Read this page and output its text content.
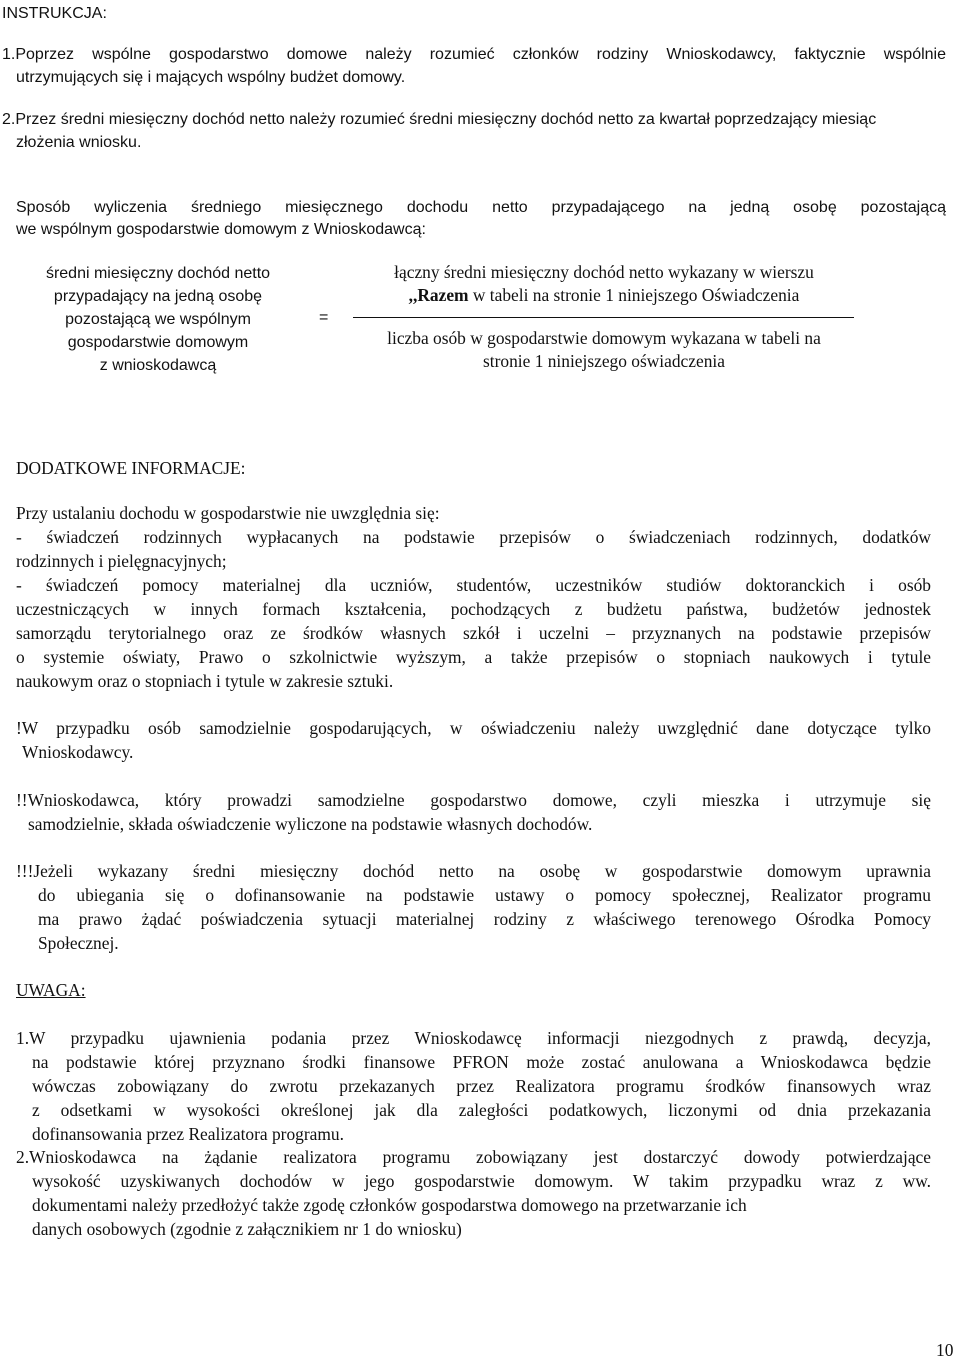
INSTRUKCJA:
1.Poprzez wspólne gospodarstwo domowe należy rozumieć członków rodziny Wnioskodawcy, faktycznie wspólnie
utrzymujących się i mających wspólny budżet domowy.
2.Przez średni miesięczny dochód netto należy rozumieć średni miesięczny dochód netto za kwartał poprzedzający miesiąc
złożenia wniosku.
Sposób wyliczenia średniego miesięcznego dochodu netto przypadającego na jedną osobę pozostającą
we wspólnym gospodarstwie domowym z Wnioskodawcą:
średni miesięczny dochód netto
przypadający na jedną osobę
pozostającą we wspólnym
gospodarstwie domowym
z wnioskodawcą
=
łączny średni miesięczny dochód netto wykazany w wierszu
,,Razem w tabeli na stronie 1 niniejszego Oświadczenia
liczba osób w gospodarstwie domowym wykazana w tabeli na
stronie 1 niniejszego oświadczenia
DODATKOWE INFORMACJE:
Przy ustalaniu dochodu w gospodarstwie nie uwzględnia się:
- świadczeń rodzinnych wypłacanych na podstawie przepisów o świadczeniach rodzinnych, dodatków
rodzinnych i pielęgnacyjnych;
- świadczeń pomocy materialnej dla uczniów, studentów, uczestników studiów doktoranckich i osób
uczestniczących w innych formach kształcenia, pochodzących z budżetu państwa, budżetów jednostek
samorządu terytorialnego oraz ze środków własnych szkół i uczelni – przyznanych na podstawie przepisów
o systemie oświaty, Prawo o szkolnictwie wyższym, a także przepisów o stopniach naukowych i tytule
naukowym oraz o stopniach i tytule w zakresie sztuki.
!W przypadku osób samodzielnie gospodarujących, w oświadczeniu należy uwzględnić dane dotyczące tylko
Wnioskodawcy.
!!Wnioskodawca, który prowadzi samodzielne gospodarstwo domowe, czyli mieszka i utrzymuje się
samodzielnie, składa oświadczenie wyliczone na podstawie własnych dochodów.
!!!Jeżeli wykazany średni miesięczny dochód netto na osobę w gospodarstwie domowym uprawnia
do ubiegania się o dofinansowanie na podstawie ustawy o pomocy społecznej, Realizator programu
ma prawo żądać poświadczenia sytuacji materialnej rodziny z właściwego terenowego Ośrodka Pomocy
Społecznej.
UWAGA:
1.W przypadku ujawnienia podania przez Wnioskodawcę informacji niezgodnych z prawdą, decyzja,
na podstawie której przyznano środki finansowe PFRON może zostać anulowana a Wnioskodawca będzie
wówczas zobowiązany do zwrotu przekazanych przez Realizatora programu środków finansowych wraz
z odsetkami w wysokości określonej jak dla zaległości podatkowych, liczonymi od dnia przekazania
dofinansowania przez Realizatora programu.
2.Wnioskodawca na żądanie realizatora programu zobowiązany jest dostarczyć dowody potwierdzające
wysokość uzyskiwanych dochodów w jego gospodarstwie domowym. W takim przypadku wraz z ww.
dokumentami należy przedłożyć także zgodę członków gospodarstwa domowego na przetwarzanie ich
danych osobowych (zgodnie z załącznikiem nr 1 do wniosku)
10
